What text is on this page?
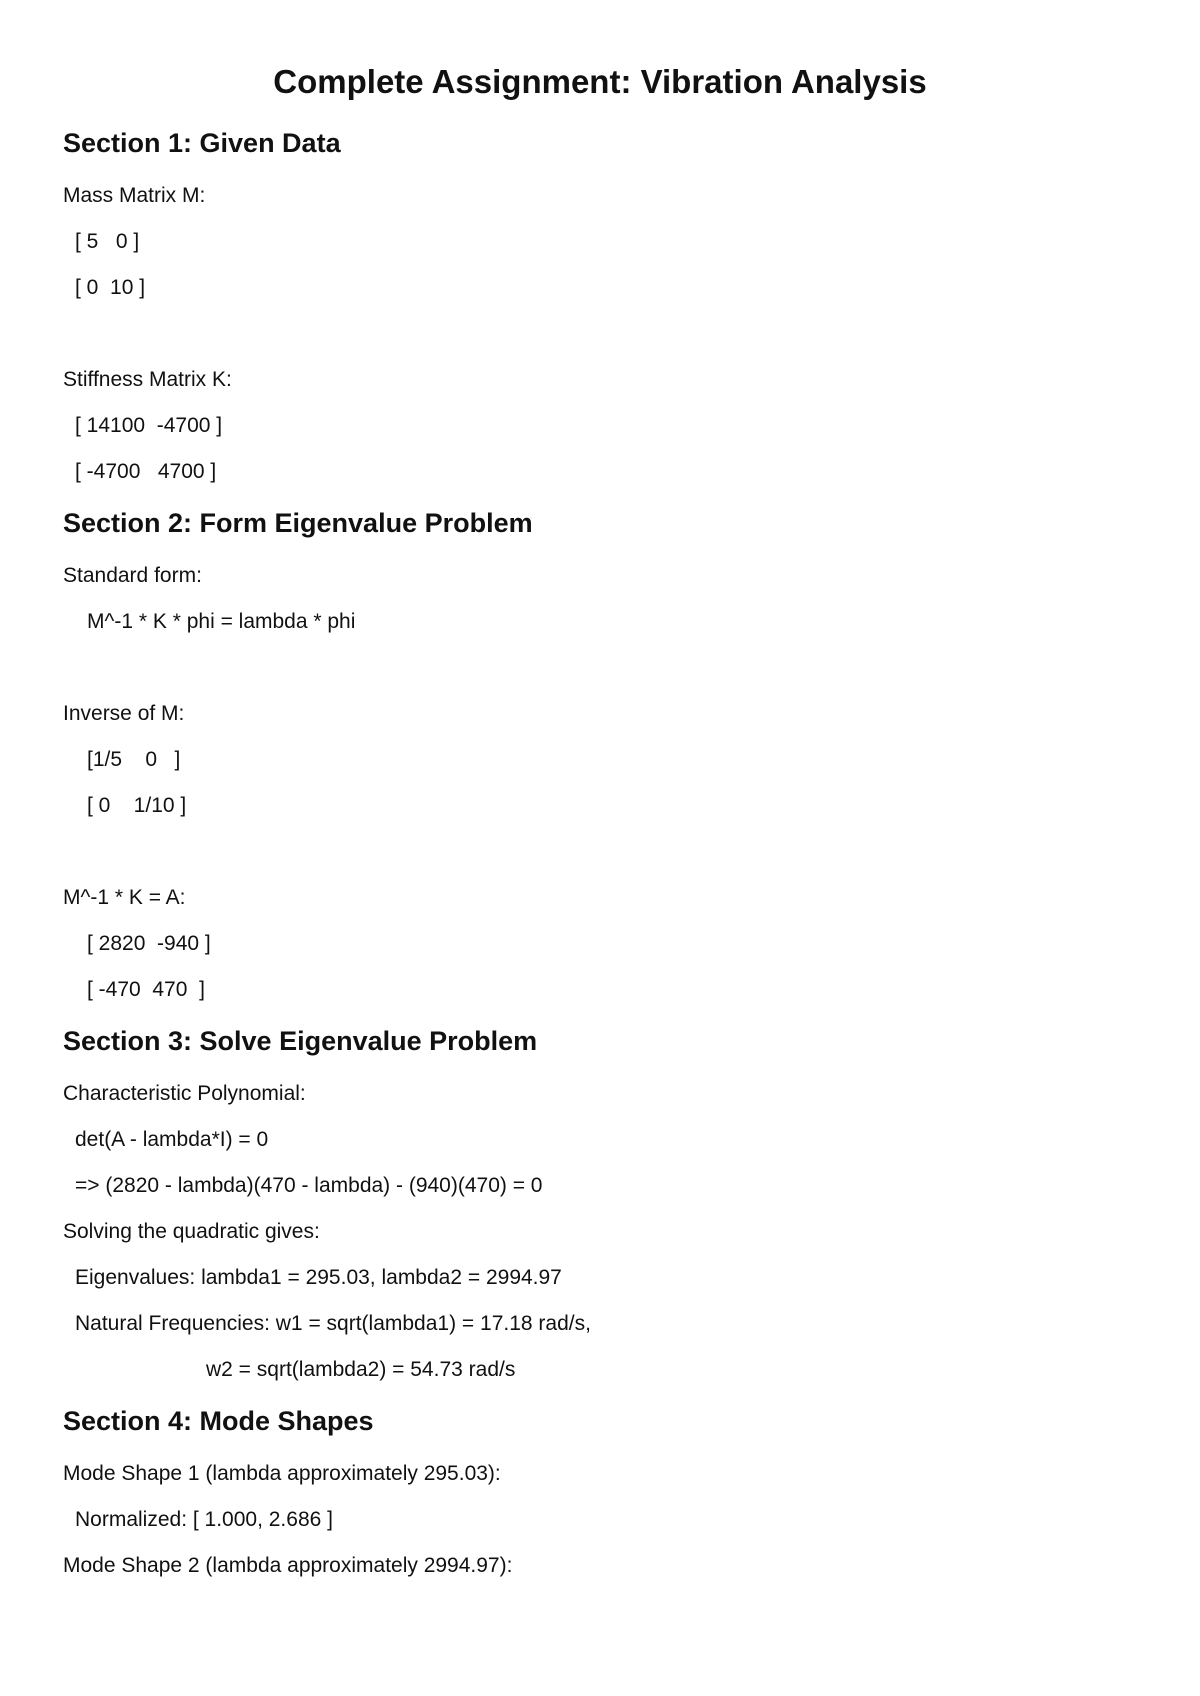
Complete Assignment: Vibration Analysis
Section 1: Given Data
Mass Matrix M:
[ 5   0 ]
[ 0  10 ]
Stiffness Matrix K:
[ 14100  -4700 ]
[ -4700   4700 ]
Section 2: Form Eigenvalue Problem
Standard form:
M^-1 * K * phi = lambda * phi
Inverse of M:
[1/5    0   ]
[ 0    1/10 ]
M^-1 * K = A:
[ 2820  -940 ]
[ -470  470  ]
Section 3: Solve Eigenvalue Problem
Characteristic Polynomial:
det(A - lambda*I) = 0
=> (2820 - lambda)(470 - lambda) - (940)(470) = 0
Solving the quadratic gives:
Eigenvalues: lambda1 = 295.03, lambda2 = 2994.97
Natural Frequencies: w1 = sqrt(lambda1) = 17.18 rad/s,
w2 = sqrt(lambda2) = 54.73 rad/s
Section 4: Mode Shapes
Mode Shape 1 (lambda approximately 295.03):
Normalized: [ 1.000, 2.686 ]
Mode Shape 2 (lambda approximately 2994.97):
